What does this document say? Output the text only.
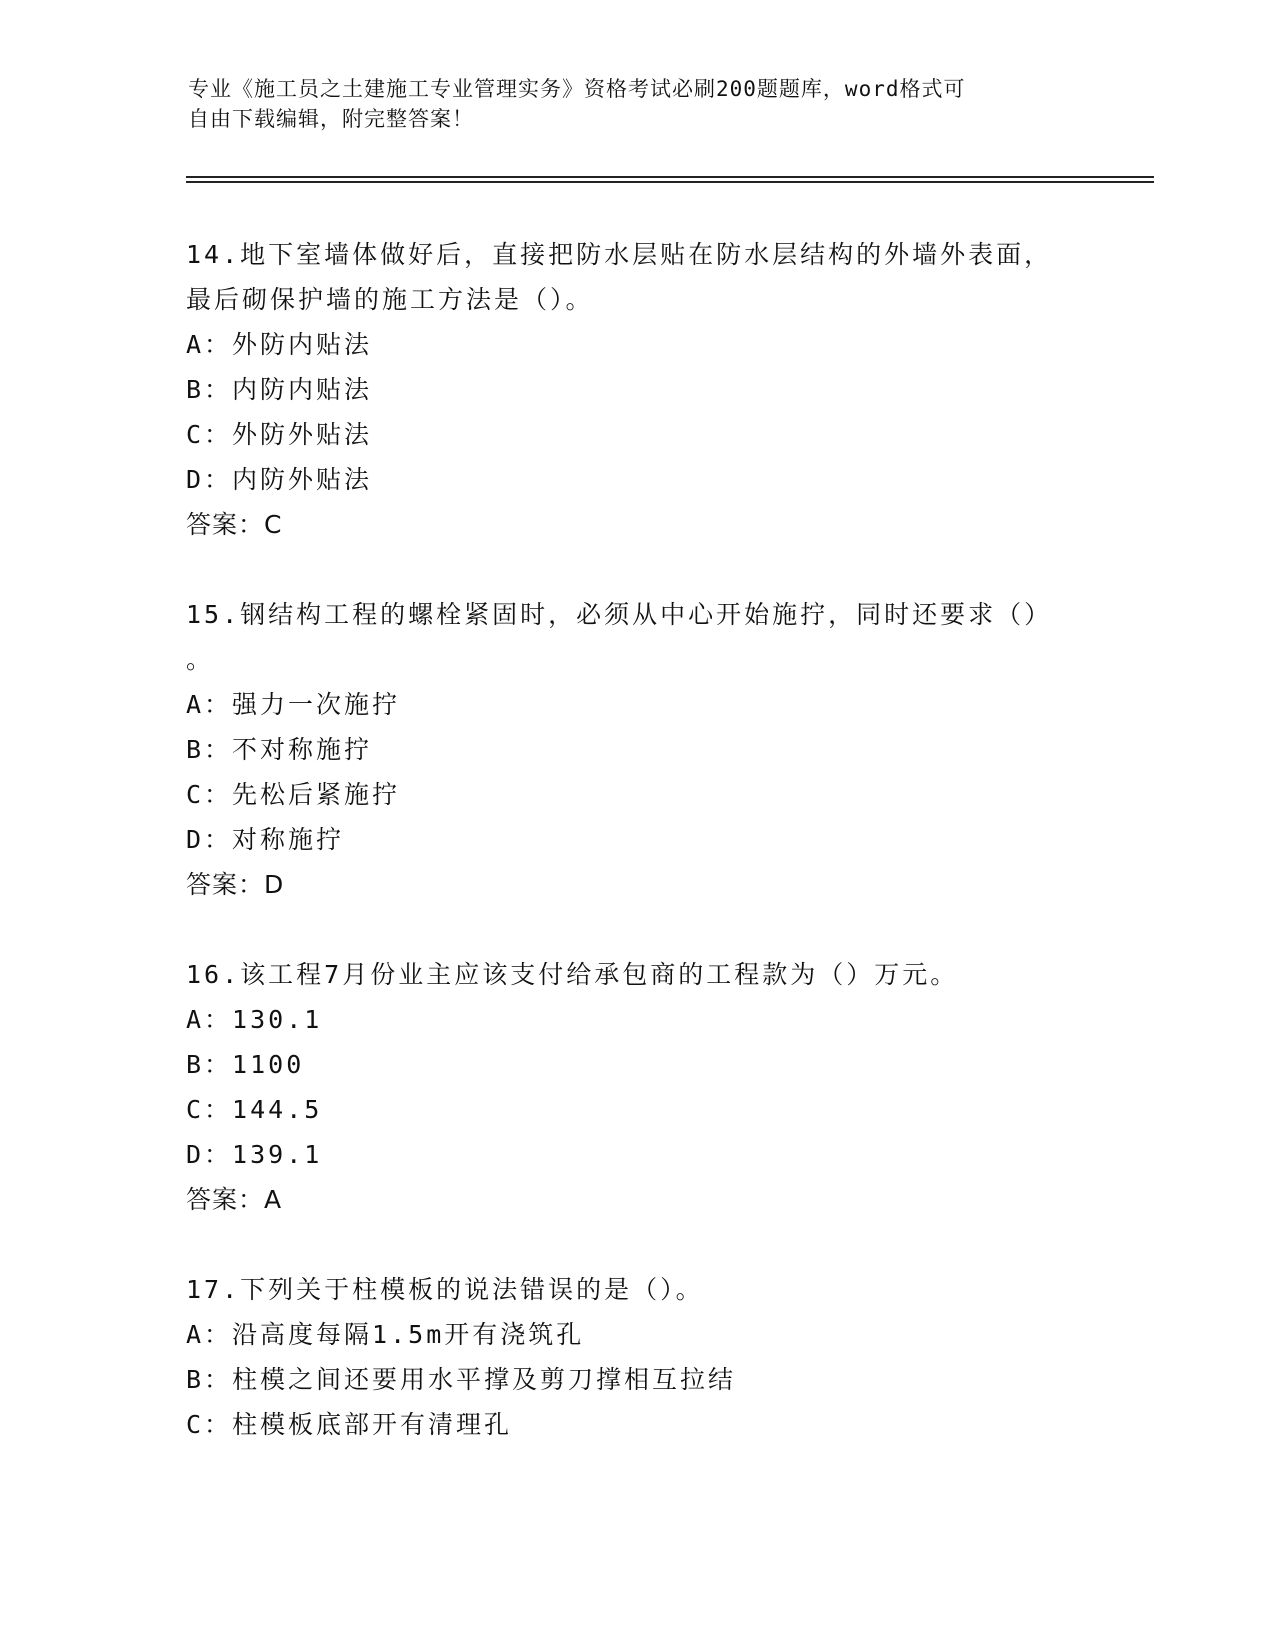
专业《施工员之土建施工专业管理实务》资格考试必刷200题题库，word格式可
自由下载编辑，附完整答案！
14.地下室墙体做好后，直接把防水层贴在防水层结构的外墙外表面，
最后砌保护墙的施工方法是（）。
A：外防内贴法
B：内防内贴法
C：外防外贴法
D：内防外贴法
答案：C
15.钢结构工程的螺栓紧固时，必须从中心开始施拧，同时还要求（）
。
A：强力一次施拧
B：不对称施拧
C：先松后紧施拧
D：对称施拧
答案：D
16.该工程7月份业主应该支付给承包商的工程款为（）万元。
A：130.1
B：1100
C：144.5
D：139.1
答案：A
17.下列关于柱模板的说法错误的是（）。
A：沿高度每隔1.5m开有浇筑孔
B：柱模之间还要用水平撑及剪刀撑相互拉结
C：柱模板底部开有清理孔
